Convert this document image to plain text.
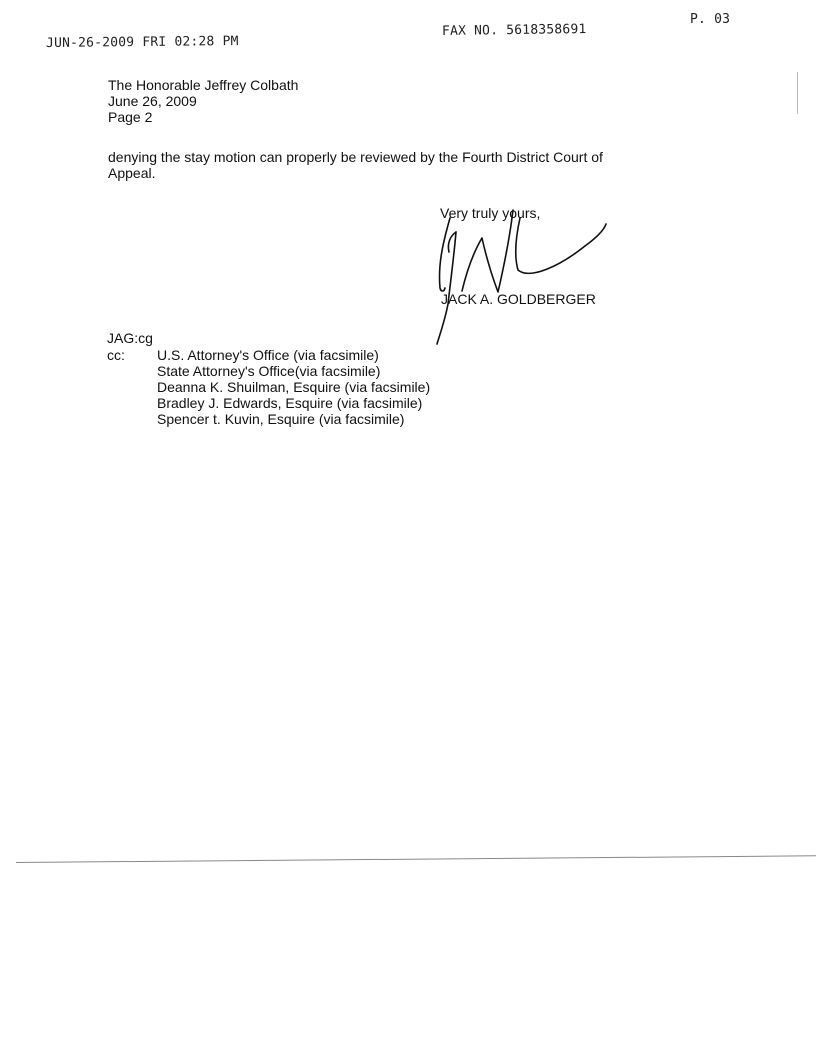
JUN-26-2009 FRI 02:28 PM
FAX NO. 5618358691
P. 03
The Honorable Jeffrey Colbath
June 26, 2009
Page 2
denying the stay motion can properly be reviewed by the Fourth District Court of
Appeal.
Very truly yours,
JACK A. GOLDBERGER
JAG:cg
cc: U.S. Attorney's Office (via facsimile)
State Attorney's Office(via facsimile)
Deanna K. Shuilman, Esquire (via facsimile)
Bradley J. Edwards, Esquire (via facsimile)
Spencer t. Kuvin, Esquire (via facsimile)
